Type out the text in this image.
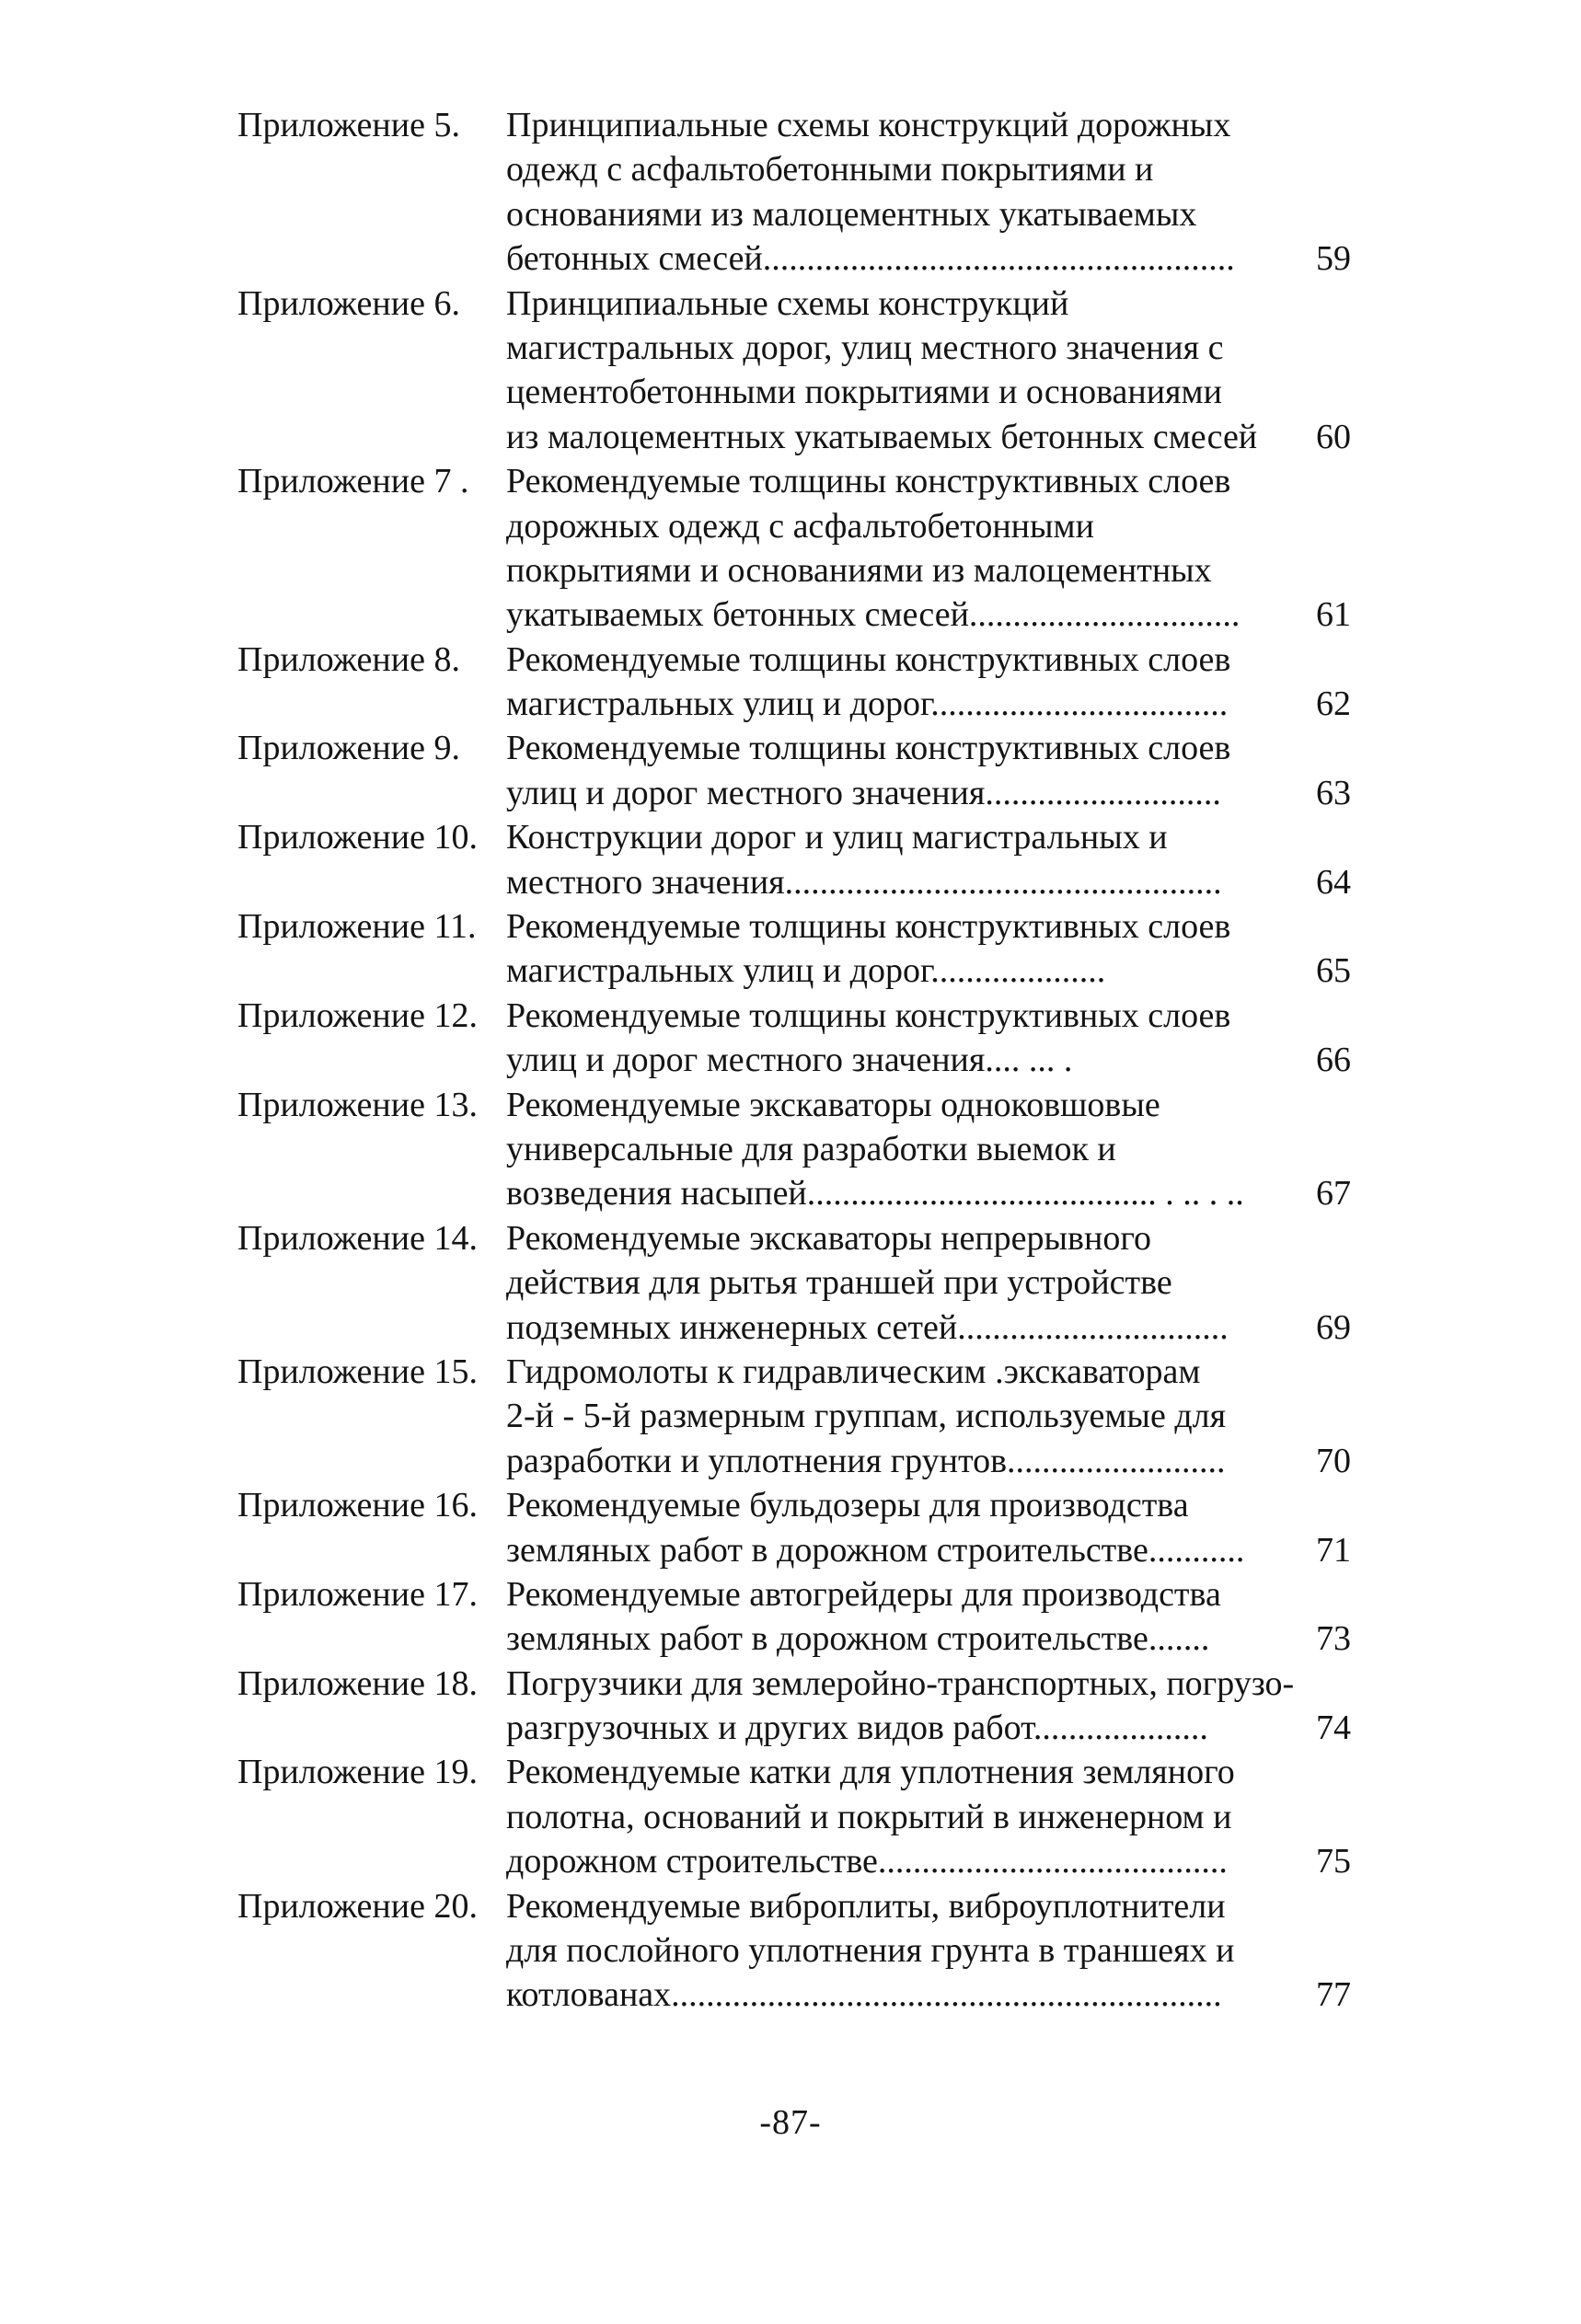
Приложение 5. Принципиальные схемы конструкций дорожных
одежд с асфальтобетонными покрытиями и
основаниями из малоцементных укатываемых
бетонных смесей......................................................	59
Приложение 6. Принципиальные схемы конструкций
магистральных дорог, улиц местного значения с
цементобетонными покрытиями и основаниями
из малоцементных укатываемых бетонных смесей	60
Приложение 7 . Рекомендуемые толщины конструктивных слоев
дорожных одежд с асфальтобетонными
покрытиями и основаниями из малоцементных
укатываемых бетонных смесей...............................	61
Приложение 8. Рекомендуемые толщины конструктивных слоев
магистральных улиц и дорог..................................	62
Приложение 9. Рекомендуемые толщины конструктивных слоев
улиц и дорог местного значения...........................	63
Приложение 10. Конструкции дорог и улиц магистральных и
местного значения..................................................	64
Приложение 11. Рекомендуемые толщины конструктивных слоев
магистральных улиц и дорог....................	65
Приложение 12. Рекомендуемые толщины конструктивных слоев
улиц и дорог местного значения.... ... .	66
Приложение 13. Рекомендуемые экскаваторы одноковшовые
универсальные для разработки выемок и
возведения насыпей........................................ . .. . ..	67
Приложение 14. Рекомендуемые экскаваторы непрерывного
действия для рытья траншей при устройстве
подземных инженерных сетей...............................	69
Приложение 15. Гидромолоты к гидравлическим .экскаваторам
2-й - 5-й размерным группам, используемые для
разработки и уплотнения грунтов.........................	70
Приложение 16. Рекомендуемые бульдозеры для производства
земляных работ в дорожном строительстве...........	71
Приложение 17. Рекомендуемые автогрейдеры для производства
земляных работ в дорожном строительстве.......	73
Приложение 18. Погрузчики для землеройно-транспортных, погрузо-
разгрузочных и других видов работ....................	74
Приложение 19. Рекомендуемые катки для уплотнения земляного
полотна, оснований и покрытий в инженерном и
дорожном строительстве........................................	75
Приложение 20. Рекомендуемые виброплиты, виброуплотнители
для послойного уплотнения грунта в траншеях и
котлованах...............................................................	77
-87-
